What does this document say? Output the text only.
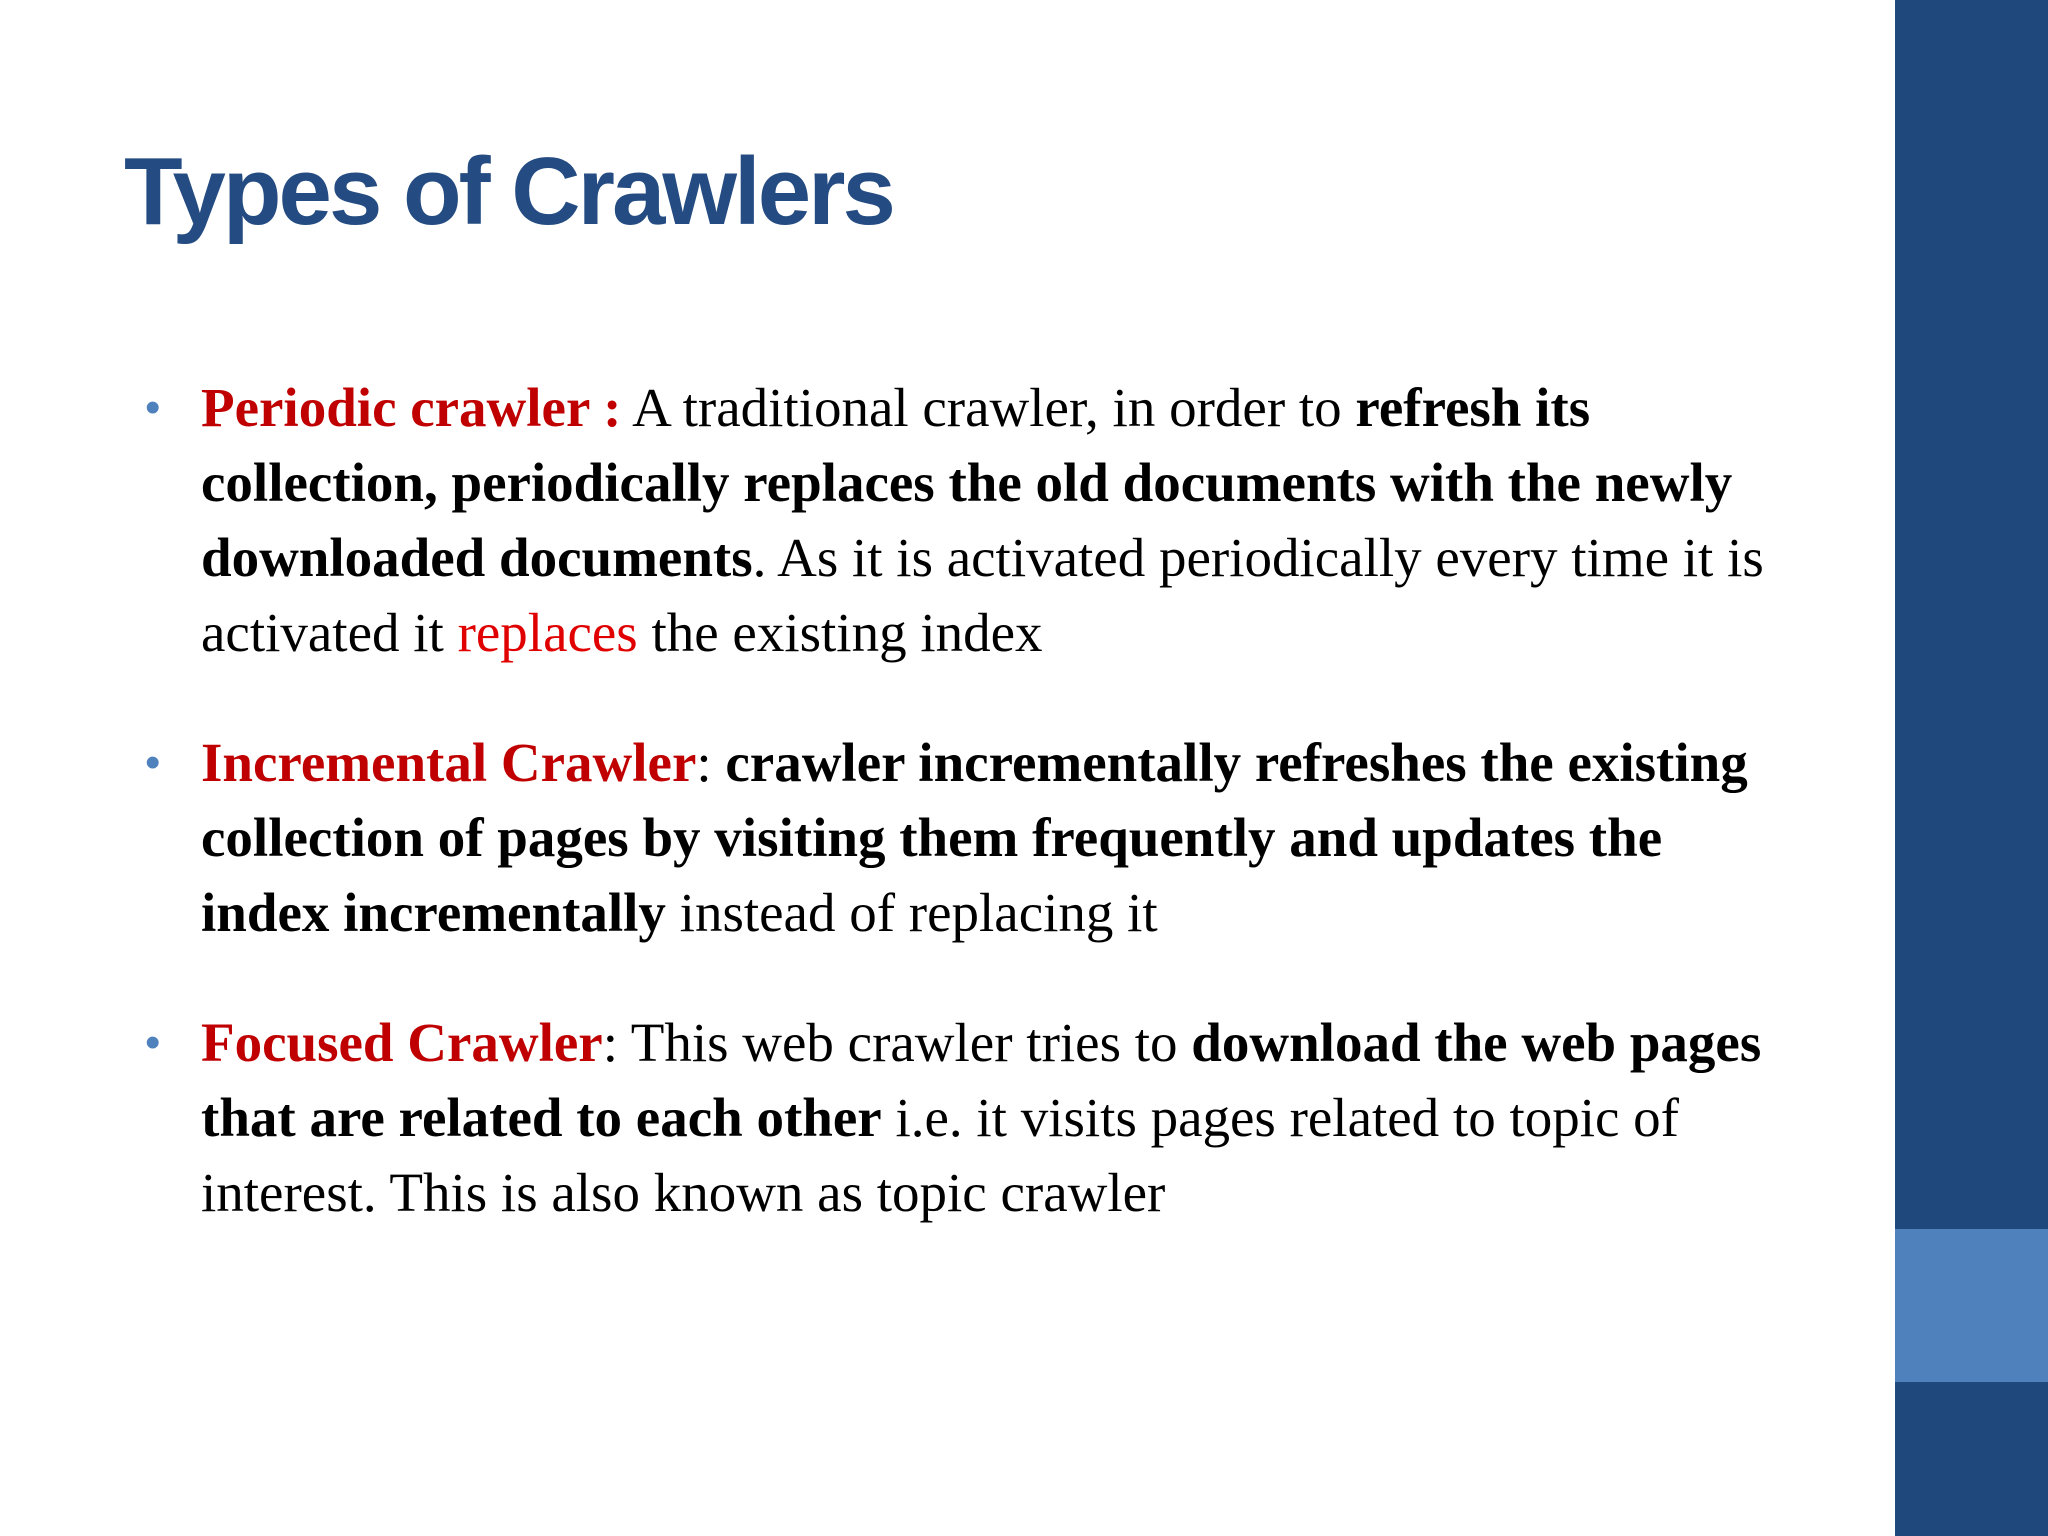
Types of Crawlers
• Periodic crawler : A traditional crawler, in order to refresh its collection, periodically replaces the old documents with the newly downloaded documents. As it is activated periodically every time it is activated it replaces the existing index
• Incremental Crawler: crawler incrementally refreshes the existing collection of pages by visiting them frequently and updates the index incrementally instead of replacing it
• Focused Crawler: This web crawler tries to download the web pages that are related to each other i.e. it visits pages related to topic of interest. This is also known as topic crawler
